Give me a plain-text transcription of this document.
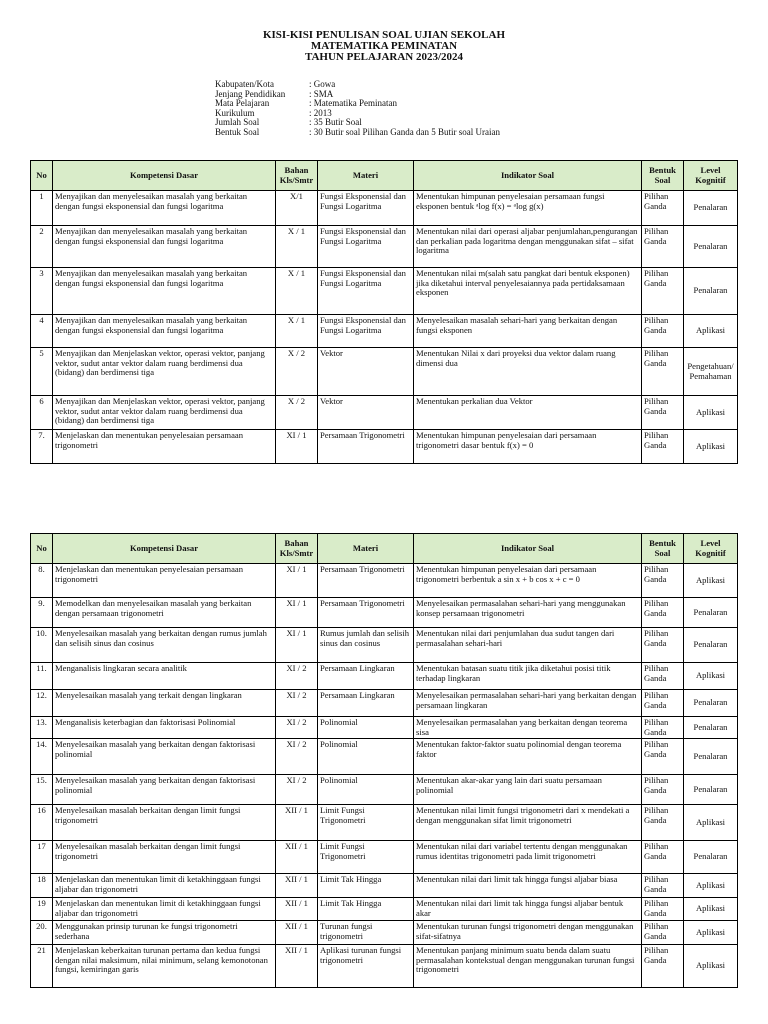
KISI-KISI PENULISAN SOAL UJIAN SEKOLAH
MATEMATIKA PEMINATAN
TAHUN PELAJARAN 2023/2024
Kabupaten/Kota	: Gowa
Jenjang Pendidikan	: SMA
Mata Pelajaran	: Matematika Peminatan
Kurikulum	: 2013
Jumlah Soal	: 35 Butir Soal
Bentuk Soal	: 30 Butir soal Pilihan Ganda dan 5 Butir soal Uraian
No	Kompetensi Dasar	Bahan Kls/Smtr	Materi	Indikator Soal	Bentuk Soal	Level Kognitif
1	Menyajikan dan menyelesaikan masalah yang berkaitan dengan fungsi eksponensial dan fungsi logaritma	X/1	Fungsi Eksponensial dan Fungsi Logaritma	Menentukan himpunan penyelesaian persamaan fungsi eksponen bentuk ᵃlog f(x) = ᵃlog g(x)	Pilihan Ganda	Penalaran
2	Menyajikan dan menyelesaikan masalah yang berkaitan dengan fungsi eksponensial dan fungsi logaritma	X / 1	Fungsi Eksponensial dan Fungsi Logaritma	Menentukan nilai dari operasi aljabar penjumlahan,pengurangan dan perkalian pada logaritma dengan menggunakan sifat – sifat logaritma	Pilihan Ganda	Penalaran
3	Menyajikan dan menyelesaikan masalah yang berkaitan dengan fungsi eksponensial dan fungsi logaritma	X / 1	Fungsi Eksponensial dan Fungsi Logaritma	Menentukan nilai m(salah satu pangkat dari bentuk eksponen) jika diketahui interval penyelesaiannya pada pertidaksamaan eksponen	Pilihan Ganda	Penalaran
4	Menyajikan dan menyelesaikan masalah yang berkaitan dengan fungsi eksponensial dan fungsi logaritma	X / 1	Fungsi Eksponensial dan Fungsi Logaritma	Menyelesaikan masalah sehari-hari yang berkaitan dengan fungsi eksponen	Pilihan Ganda	Aplikasi
5	Menyajikan dan Menjelaskan vektor, operasi vektor, panjang vektor, sudut antar vektor dalam ruang berdimensi dua (bidang) dan berdimensi tiga	X / 2	Vektor	Menentukan Nilai x dari proyeksi dua vektor dalam ruang dimensi dua	Pilihan Ganda	Pengetahuan/ Pemahaman
6	Menyajikan dan Menjelaskan vektor, operasi vektor, panjang vektor, sudut antar vektor dalam ruang berdimensi dua (bidang) dan berdimensi tiga	X / 2	Vektor	Menentukan perkalian dua Vektor	Pilihan Ganda	Aplikasi
7.	Menjelaskan dan menentukan penyelesaian persamaan trigonometri	XI / 1	Persamaan Trigonometri	Menentukan himpunan penyelesaian dari persamaan trigonometri dasar bentuk f(x) = 0	Pilihan Ganda	Aplikasi
No	Kompetensi Dasar	Bahan Kls/Smtr	Materi	Indikator Soal	Bentuk Soal	Level Kognitif
8.	Menjelaskan dan menentukan penyelesaian persamaan trigonometri	XI / 1	Persamaan Trigonometri	Menentukan himpunan penyelesaian dari persamaan trigonometri berbentuk a sin x + b cos x + c = 0	Pilihan Ganda	Aplikasi
9.	Memodelkan dan menyelesaikan masalah yang berkaitan dengan persamaan trigonometri	XI / 1	Persamaan Trigonometri	Menyelesaikan permasalahan sehari-hari yang menggunakan konsep persamaan trigonometri	Pilihan Ganda	Penalaran
10.	Menyelesaikan masalah yang berkaitan dengan rumus jumlah dan selisih sinus dan cosinus	XI / 1	Rumus jumlah dan selisih sinus dan cosinus	Menentukan nilai dari penjumlahan dua sudut tangen dari permasalahan sehari-hari	Pilihan Ganda	Penalaran
11.	Menganalisis lingkaran secara analitik	XI / 2	Persamaan Lingkaran	Menentukan batasan suatu titik jika diketahui posisi titik terhadap lingkaran	Pilihan Ganda	Aplikasi
12.	Menyelesaikan masalah yang terkait dengan lingkaran	XI / 2	Persamaan Lingkaran	Menyelesaikan permasalahan sehari-hari yang berkaitan dengan persamaan lingkaran	Pilihan Ganda	Penalaran
13.	Menganalisis keterbagian dan faktorisasi Polinomial	XI / 2	Polinomial	Menyelesaikan permasalahan yang berkaitan dengan teorema sisa	Pilihan Ganda	Penalaran
14.	Menyelesaikan masalah yang berkaitan dengan faktorisasi polinomial	XI / 2	Polinomial	Menentukan faktor-faktor suatu polinomial dengan teorema faktor	Pilihan Ganda	Penalaran
15.	Menyelesaikan masalah yang berkaitan dengan faktorisasi polinomial	XI / 2	Polinomial	Menentukan akar-akar yang lain dari suatu persamaan polinomial	Pilihan Ganda	Penalaran
16	Menyelesaikan masalah berkaitan dengan limit fungsi trigonometri	XII / 1	Limit Fungsi Trigonometri	Menentukan nilai limit fungsi trigonometri dari x mendekati a dengan menggunakan sifat limit trigonometri	Pilihan Ganda	Aplikasi
17	Menyelesaikan masalah berkaitan dengan limit fungsi trigonometri	XII / 1	Limit Fungsi Trigonometri	Menentukan nilai dari variabel tertentu dengan menggunakan rumus identitas trigonometri pada limit trigonometri	Pilihan Ganda	Penalaran
18	Menjelaskan dan menentukan limit di ketakhinggaan fungsi aljabar dan trigonometri	XII / 1	Limit Tak Hingga	Menentukan nilai dari limit tak hingga fungsi aljabar biasa	Pilihan Ganda	Aplikasi
19	Menjelaskan dan menentukan limit di ketakhinggaan fungsi aljabar dan trigonometri	XII / 1	Limit Tak Hingga	Menentukan nilai dari limit tak hingga fungsi aljabar bentuk akar	Pilihan Ganda	Aplikasi
20.	Menggunakan prinsip turunan ke fungsi trigonometri sederhana	XII / 1	Turunan fungsi trigonometri	Menentukan turunan fungsi trigonometri dengan menggunakan sifat-sifatnya	Pilihan Ganda	Aplikasi
21	Menjelaskan keberkaitan turunan pertama dan kedua fungsi dengan nilai maksimum, nilai minimum, selang kemonotonan fungsi, kemiringan garis	XII / 1	Aplikasi turunan fungsi trigonometri	Menentukan panjang minimum suatu benda dalam suatu permasalahan kontekstual dengan menggunakan turunan fungsi trigonometri	Pilihan Ganda	Aplikasi
